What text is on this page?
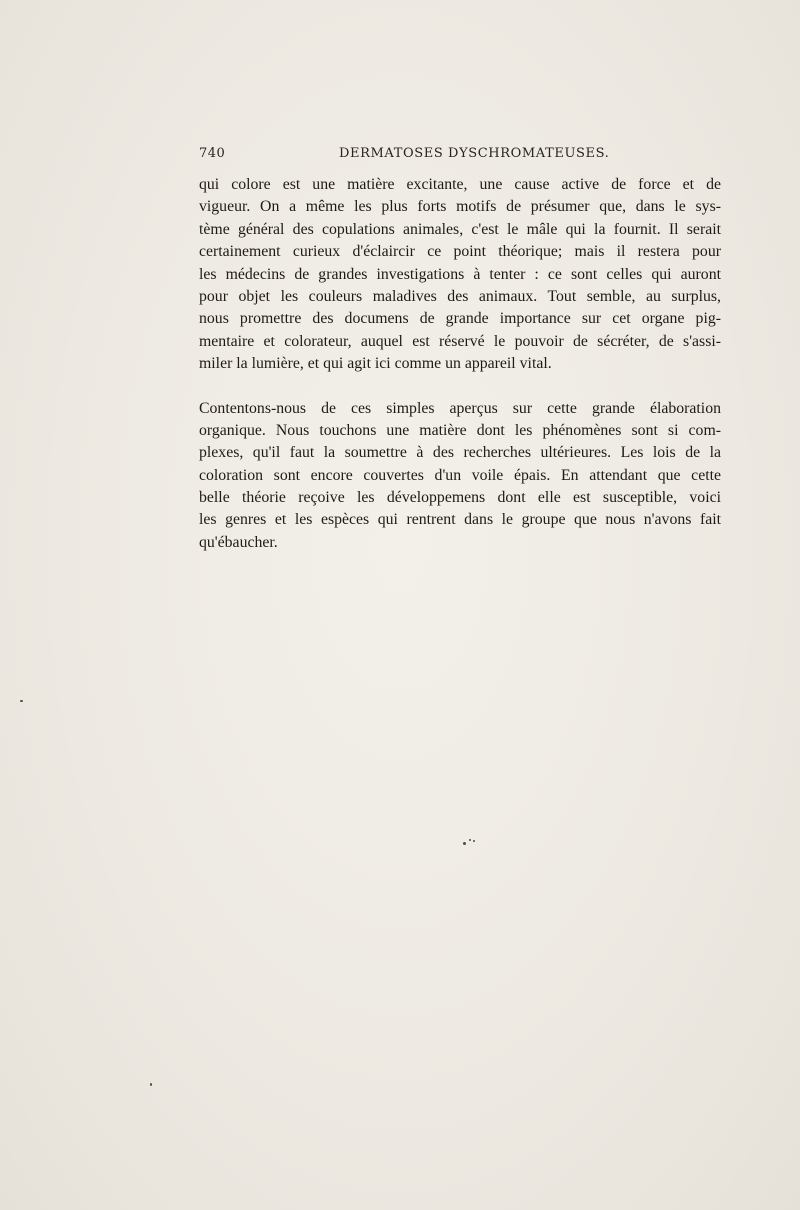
740	DERMATOSES DYSCHROMATEUSES.
qui colore est une matière excitante, une cause active de force et de
vigueur. On a même les plus forts motifs de présumer que, dans le sys-
tème général des copulations animales, c'est le mâle qui la fournit. Il serait
certainement curieux d'éclaircir ce point théorique; mais il restera pour
les médecins de grandes investigations à tenter : ce sont celles qui auront
pour objet les couleurs maladives des animaux. Tout semble, au surplus,
nous promettre des documens de grande importance sur cet organe pig-
mentaire et colorateur, auquel est réservé le pouvoir de sécréter, de s'assi-
miler la lumière, et qui agit ici comme un appareil vital.
Contentons-nous de ces simples aperçus sur cette grande élaboration
organique. Nous touchons une matière dont les phénomènes sont si com-
plexes, qu'il faut la soumettre à des recherches ultérieures. Les lois de la
coloration sont encore couvertes d'un voile épais. En attendant que cette
belle théorie reçoive les développemens dont elle est susceptible, voici
les genres et les espèces qui rentrent dans le groupe que nous n'avons fait
qu'ébaucher.
